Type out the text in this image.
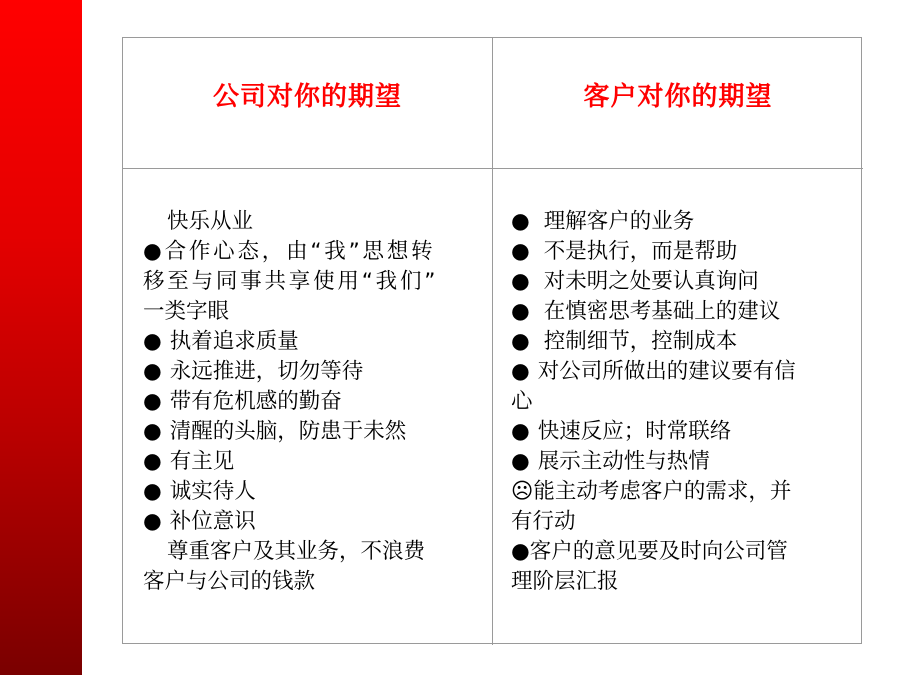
公司对你的期望	客户对你的期望
快乐从业
●合作心态，由“我”思想转
移至与同事共享使用“我们”
一类字眼
● 执着追求质量
● 永远推进，切勿等待
● 带有危机感的勤奋
● 清醒的头脑，防患于未然
● 有主见
● 诚实待人
● 补位意识
尊重客户及其业务，不浪费
客户与公司的钱款
● 理解客户的业务
● 不是执行，而是帮助
● 对未明之处要认真询问
● 在慎密思考基础上的建议
● 控制细节，控制成本
● 对公司所做出的建议要有信
心
● 快速反应；时常联络
● 展示主动性与热情
☹能主动考虑客户的需求，并
有行动
●客户的意见要及时向公司管
理阶层汇报
